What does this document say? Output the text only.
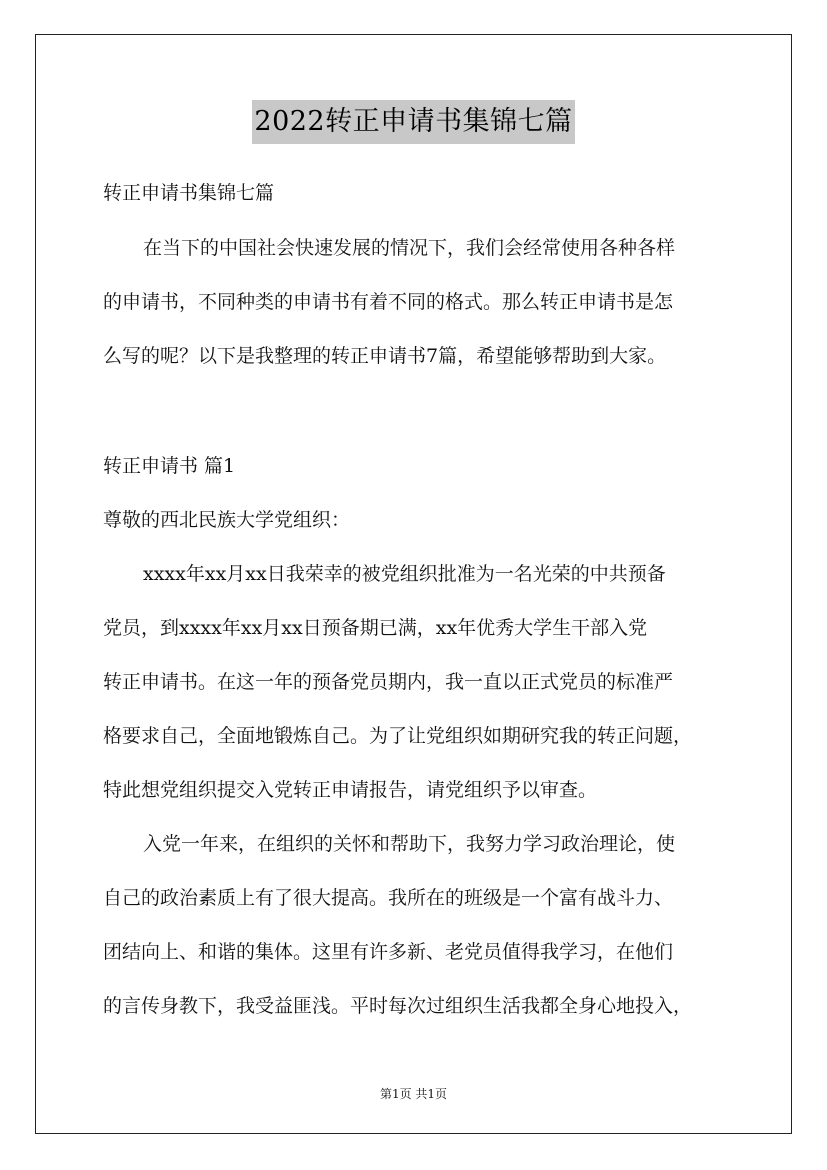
2022转正申请书集锦七篇
转正申请书集锦七篇
在当下的中国社会快速发展的情况下，我们会经常使用各种各样
的申请书，不同种类的申请书有着不同的格式。那么转正申请书是怎
么写的呢？以下是我整理的转正申请书7篇，希望能够帮助到大家。
转正申请书 篇1
尊敬的西北民族大学党组织：
xxxx年xx月xx日我荣幸的被党组织批准为一名光荣的中共预备
党员，到xxxx年xx月xx日预备期已满，xx年优秀大学生干部入党
转正申请书。在这一年的预备党员期内，我一直以正式党员的标准严
格要求自己，全面地锻炼自己。为了让党组织如期研究我的转正问题，
特此想党组织提交入党转正申请报告，请党组织予以审查。
入党一年来，在组织的关怀和帮助下，我努力学习政治理论，使
自己的政治素质上有了很大提高。我所在的班级是一个富有战斗力、
团结向上、和谐的集体。这里有许多新、老党员值得我学习，在他们
的言传身教下，我受益匪浅。平时每次过组织生活我都全身心地投入，
第1页 共1页
